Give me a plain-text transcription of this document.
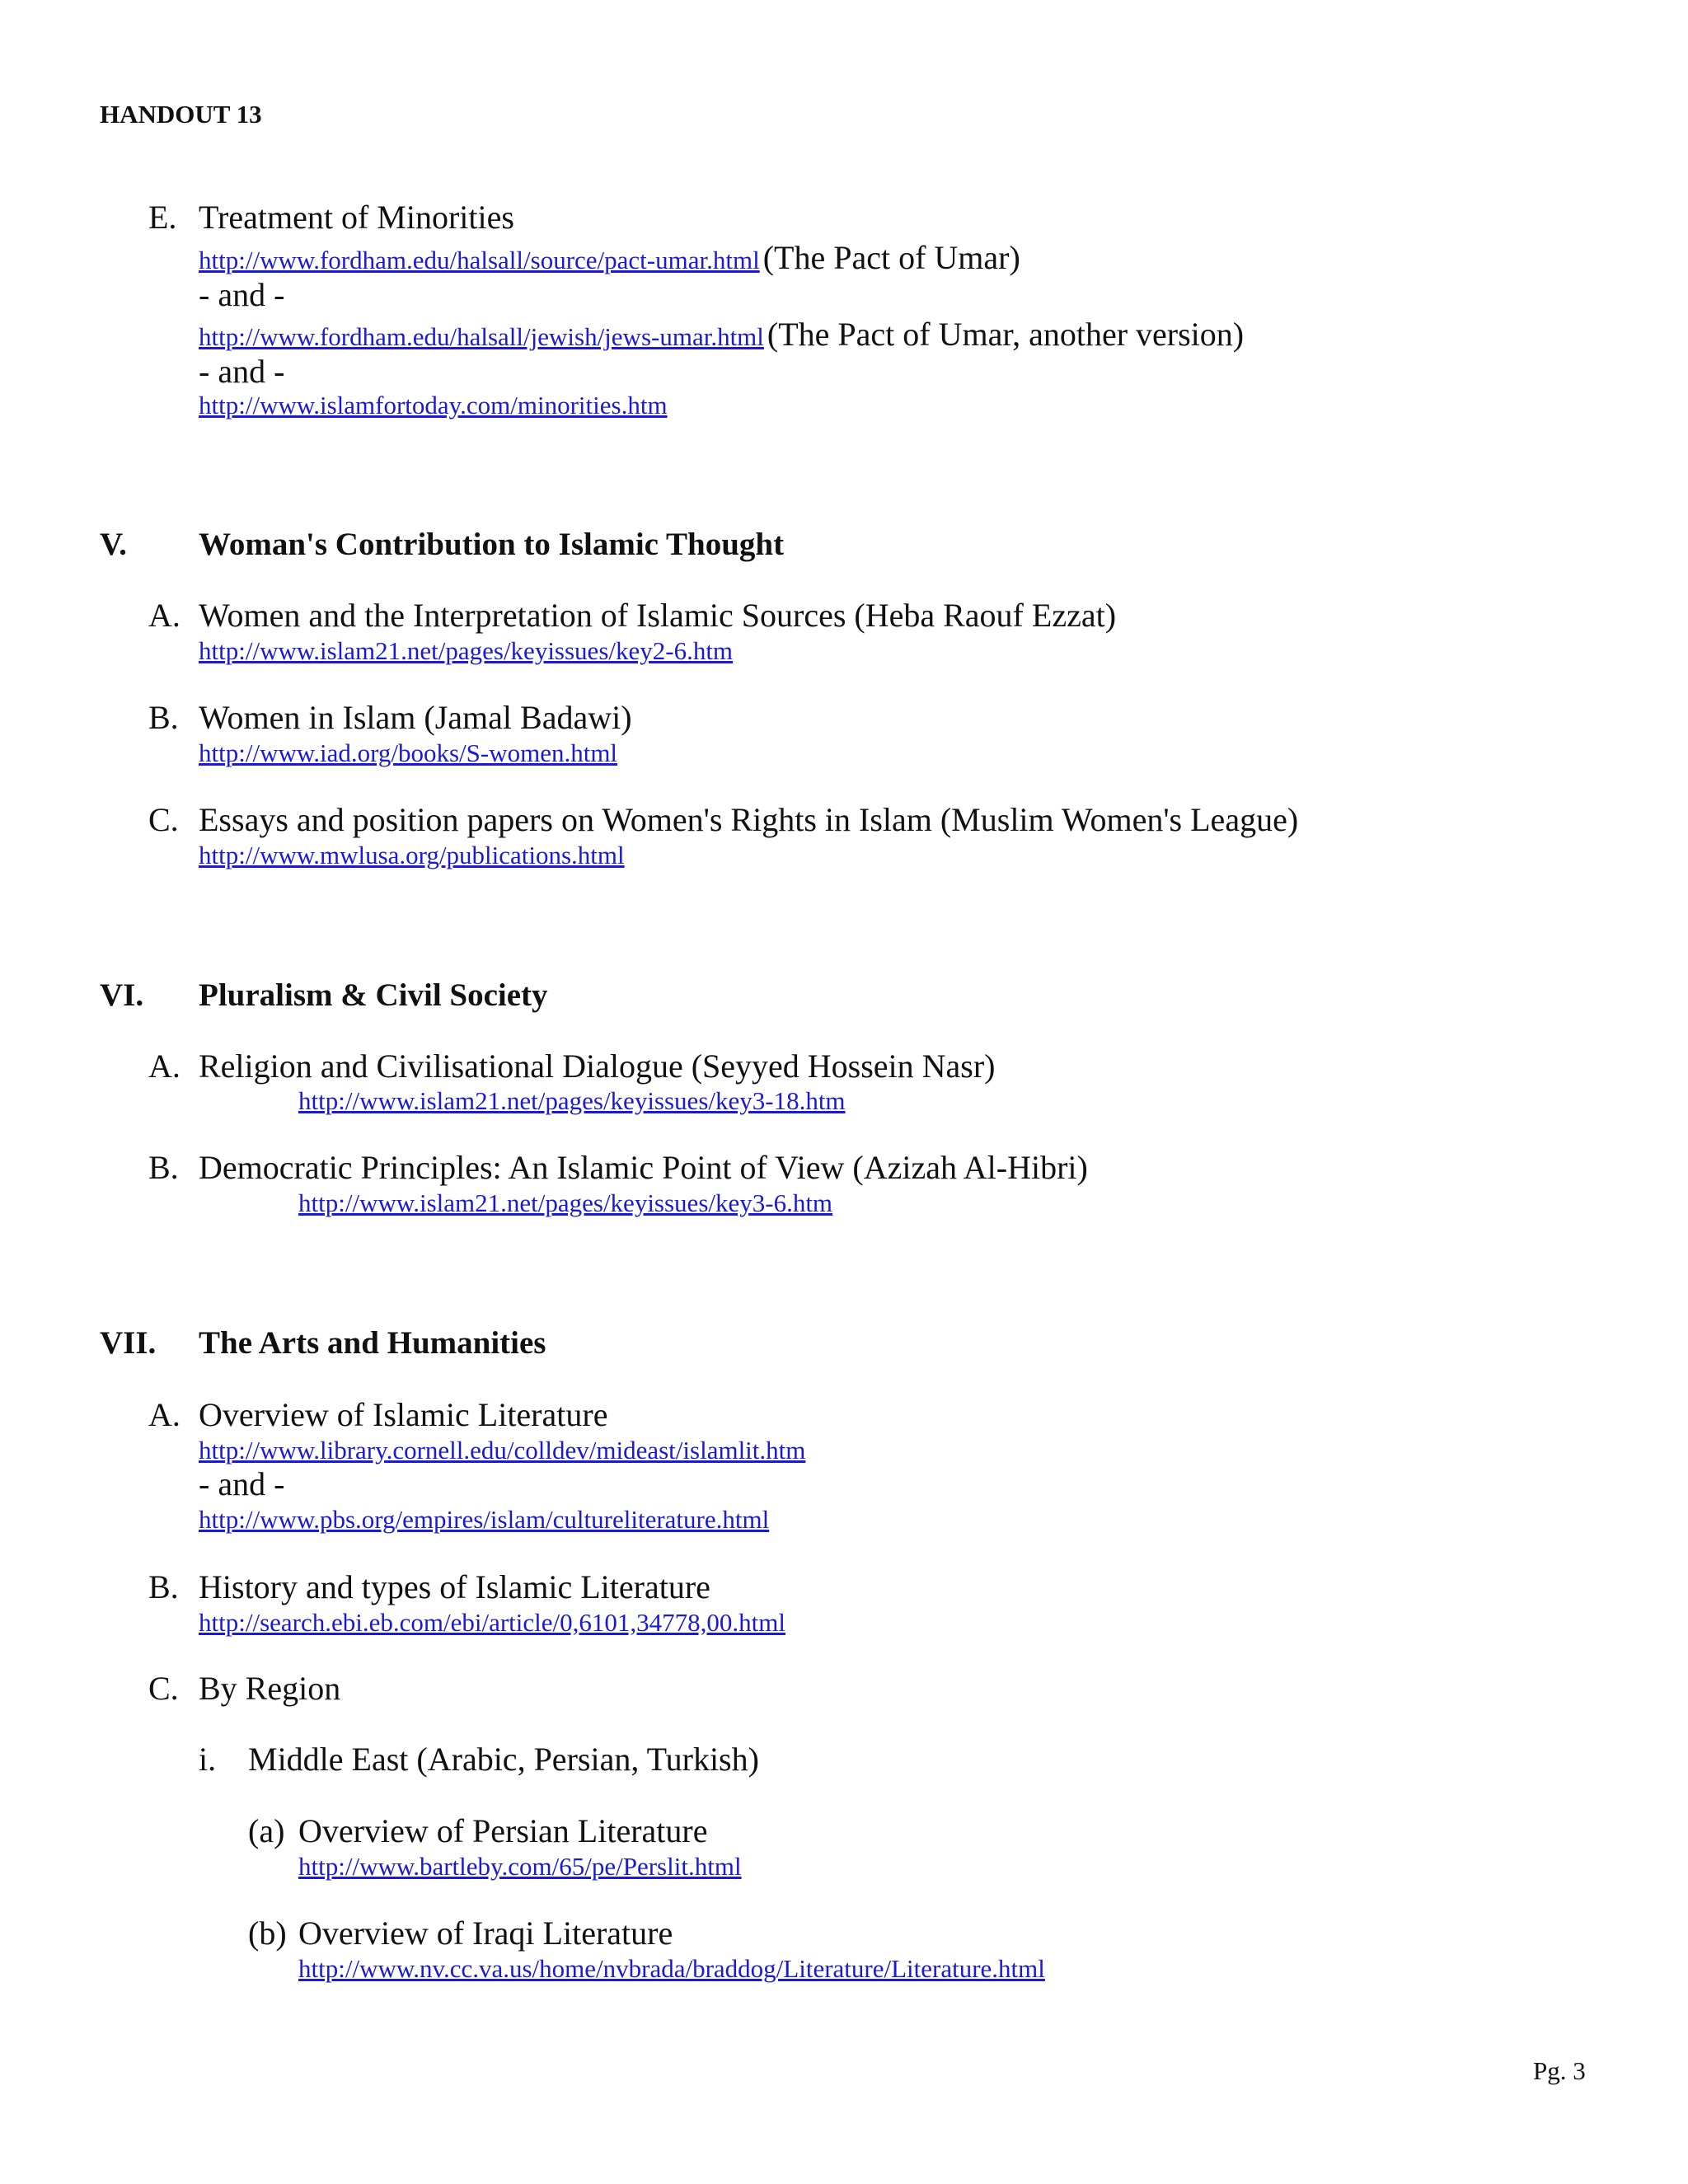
HANDOUT 13
E. Treatment of Minorities
http://www.fordham.edu/halsall/source/pact-umar.html (The Pact of Umar)
- and -
http://www.fordham.edu/halsall/jewish/jews-umar.html (The Pact of Umar, another version)
- and -
http://www.islamfortoday.com/minorities.htm
V. Woman's Contribution to Islamic Thought
A. Women and the Interpretation of Islamic Sources (Heba Raouf Ezzat)
http://www.islam21.net/pages/keyissues/key2-6.htm
B. Women in Islam (Jamal Badawi)
http://www.iad.org/books/S-women.html
C. Essays and position papers on Women's Rights in Islam (Muslim Women's League)
http://www.mwlusa.org/publications.html
VI. Pluralism & Civil Society
A. Religion and Civilisational Dialogue (Seyyed Hossein Nasr)
http://www.islam21.net/pages/keyissues/key3-18.htm
B. Democratic Principles: An Islamic Point of View (Azizah Al-Hibri)
http://www.islam21.net/pages/keyissues/key3-6.htm
VII. The Arts and Humanities
A. Overview of Islamic Literature
http://www.library.cornell.edu/colldev/mideast/islamlit.htm
- and -
http://www.pbs.org/empires/islam/cultureliterature.html
B. History and types of Islamic Literature
http://search.ebi.eb.com/ebi/article/0,6101,34778,00.html
C. By Region
i. Middle East (Arabic, Persian, Turkish)
(a) Overview of Persian Literature
http://www.bartleby.com/65/pe/Perslit.html
(b) Overview of Iraqi Literature
http://www.nv.cc.va.us/home/nvbrada/braddog/Literature/Literature.html
Pg. 3
